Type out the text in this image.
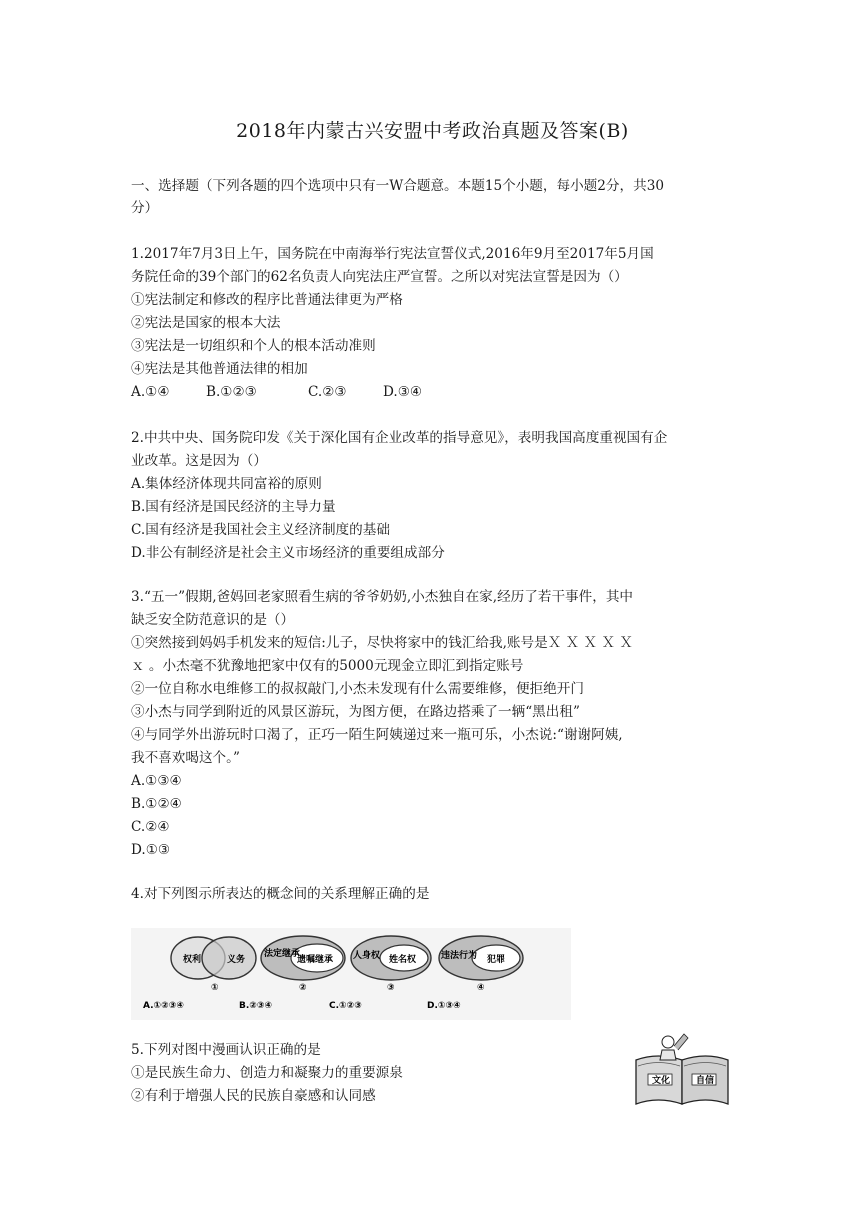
2018年内蒙古兴安盟中考政治真题及答案(B)
一、选择题（下列各题的四个选项中只有一W合题意。本题15个小题，每小题2分，共30
分）
1.2017年7月3日上午，国务院在中南海举行宪法宣誓仪式,2016年9月至2017年5月国
务院任命的39个部门的62名负责人向宪法庄严宣誓。之所以对宪法宣誓是因为（）
①宪法制定和修改的程序比普通法律更为严格
②宪法是国家的根本大法
③宪法是一切组织和个人的根本活动准则
④宪法是其他普通法律的相加
A.①④	B.①②③	C.②③	D.③④
2.中共中央、国务院印发《关于深化国有企业改革的指导意见》，表明我国高度重视国有企
业改革。这是因为（）
A.集体经济体现共同富裕的原则
B.国有经济是国民经济的主导力量
C.国有经济是我国社会主义经济制度的基础
D.非公有制经济是社会主义市场经济的重要组成部分
3.“五一”假期,爸妈回老家照看生病的爷爷奶奶,小杰独自在家,经历了若干事件，其中
缺乏安全防范意识的是（）
①突然接到妈妈手机发来的短信:儿子，尽快将家中的钱汇给我,账号是Ｘ Ｘ Ｘ Ｘ Ｘ
ｘ 。小杰毫不犹豫地把家中仅有的5000元现金立即汇到指定账号
②一位自称水电维修工的叔叔敲门,小杰未发现有什么需要维修，便拒绝开门
③小杰与同学到附近的风景区游玩，为图方便，在路边搭乘了一辆“黑出租”
④与同学外出游玩时口渴了，正巧一陌生阿姨递过来一瓶可乐，小杰说:“谢谢阿姨,
我不喜欢喝这个。”
A.①③④
B.①②④
C.②④
D.①③
4.对下列图示所表达的概念间的关系理解正确的是
权利	义务
①
法定继承
遗嘱继承
②
人身权 姓名权
③
违法行为 犯罪
④
A.①②③④	B.②③④	C.①②③	D.①③④
5.下列对图中漫画认识正确的是
①是民族生命力、创造力和凝聚力的重要源泉
②有利于增强人民的民族自豪感和认同感
文化	自信
